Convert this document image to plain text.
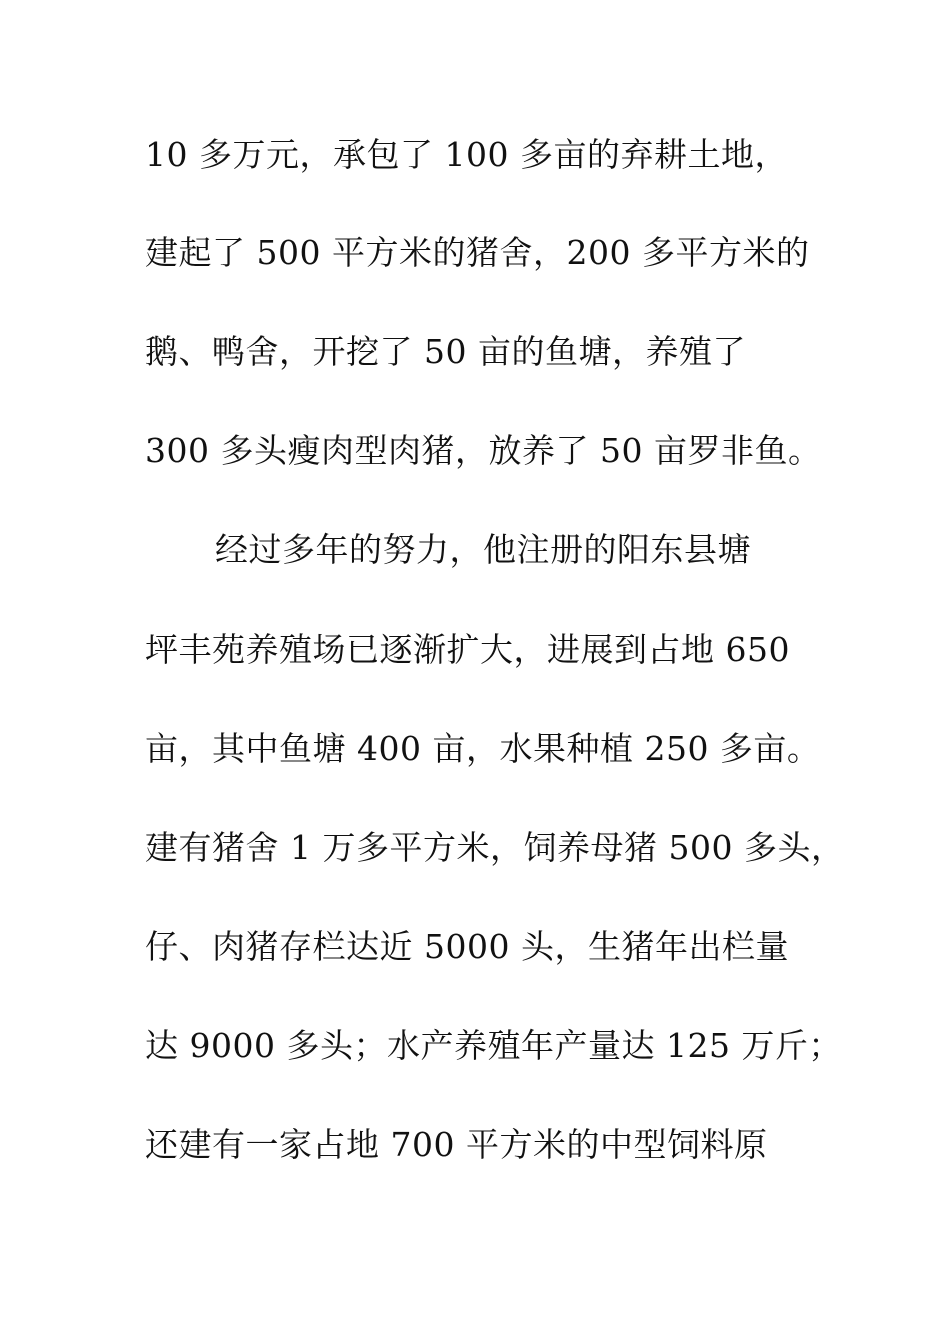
10 多万元，承包了 100 多亩的弃耕土地，

建起了 500 平方米的猪舍，200 多平方米的

鹅、鸭舍，开挖了 50 亩的鱼塘，养殖了

300 多头瘦肉型肉猪，放养了 50 亩罗非鱼。

经过多年的努力，他注册的阳东县塘

坪丰苑养殖场已逐渐扩大，进展到占地 650

亩，其中鱼塘 400 亩，水果种植 250 多亩。

建有猪舍 1 万多平方米，饲养母猪 500 多头，

仔、肉猪存栏达近 5000 头，生猪年出栏量

达 9000 多头；水产养殖年产量达 125 万斤；

还建有一家占地 700 平方米的中型饲料原
